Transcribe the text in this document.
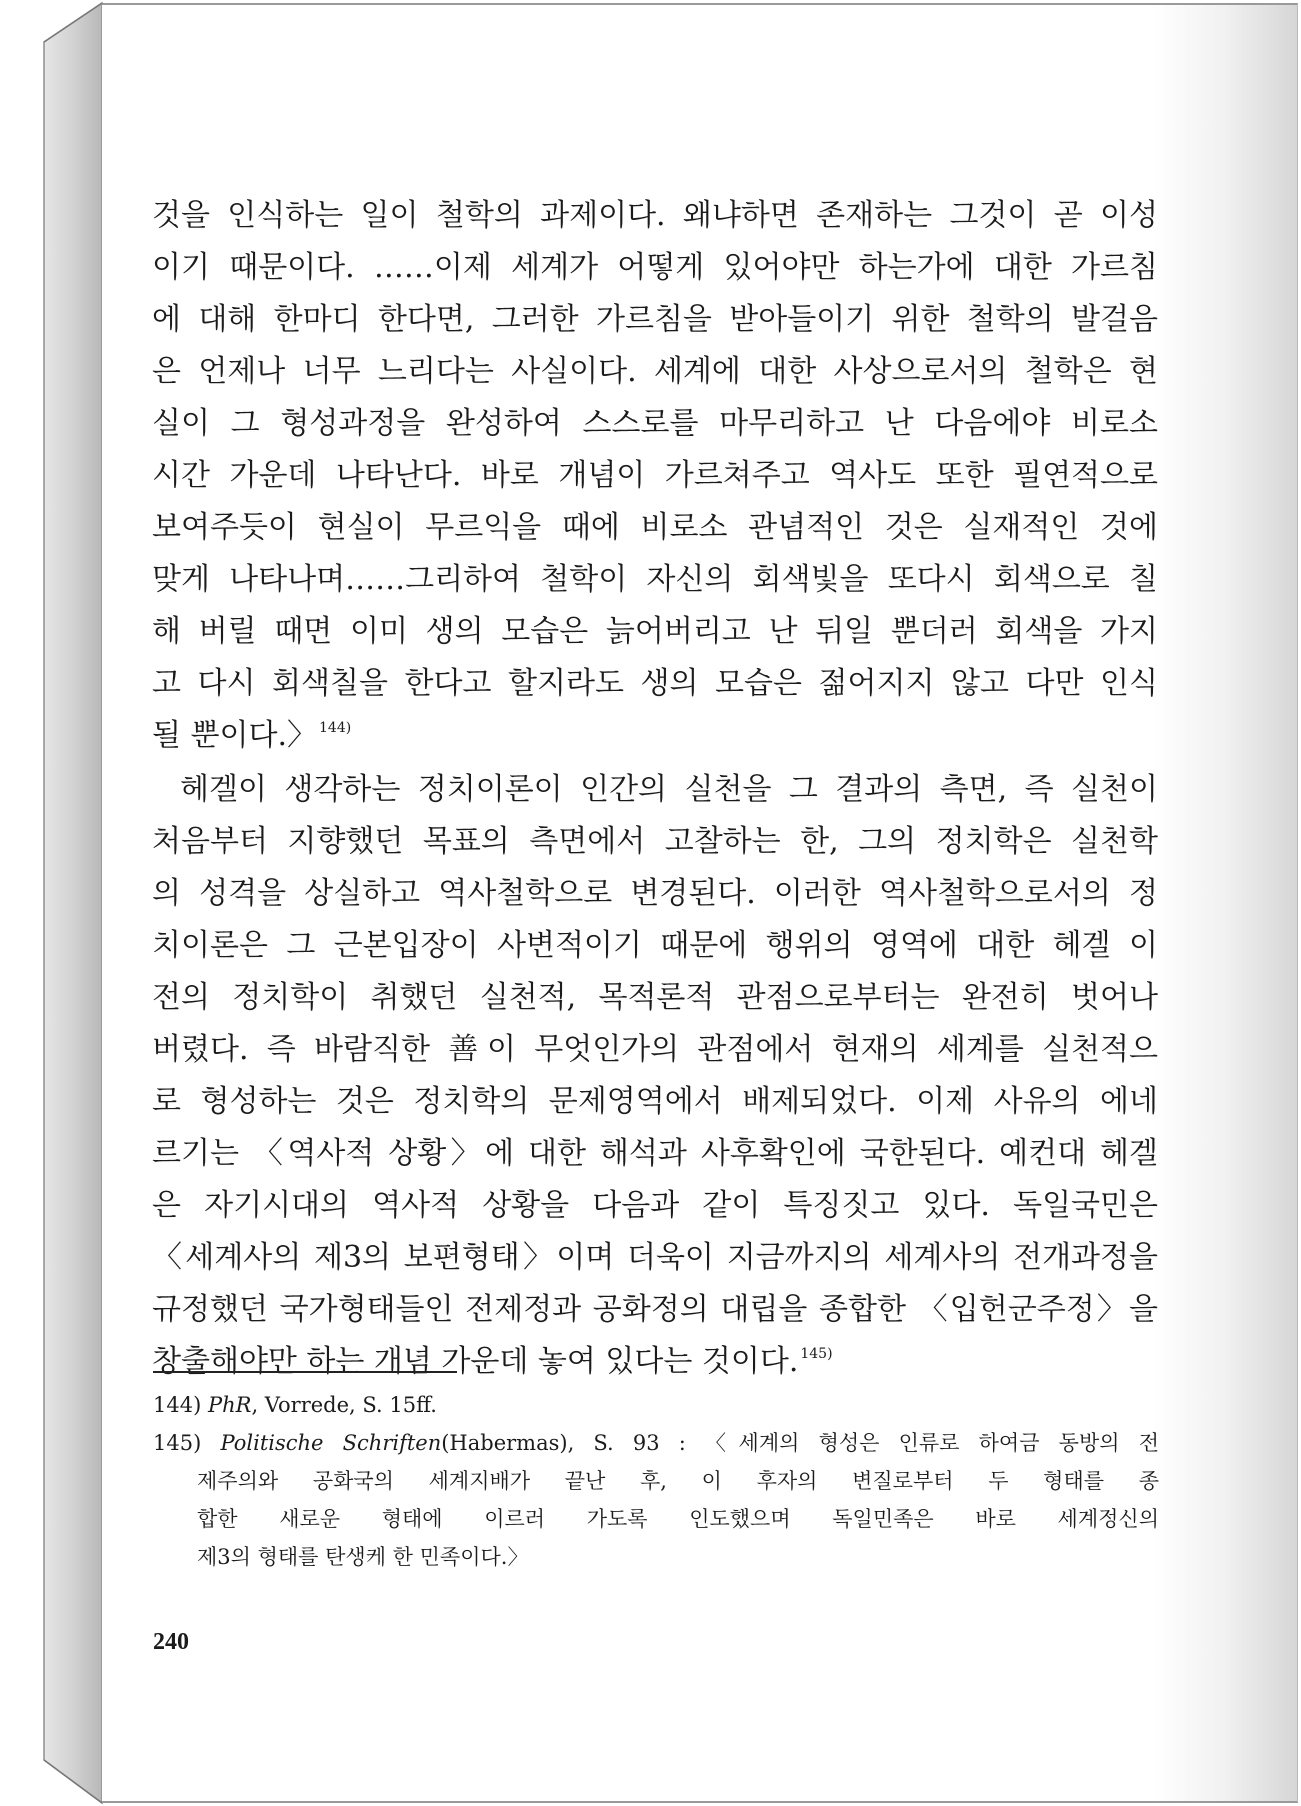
것을 인식하는 일이 철학의 과제이다. 왜냐하면 존재하는 그것이 곧 이성
이기 때문이다. ……이제 세계가 어떻게 있어야만 하는가에 대한 가르침
에 대해 한마디 한다면, 그러한 가르침을 받아들이기 위한 철학의 발걸음
은 언제나 너무 느리다는 사실이다. 세계에 대한 사상으로서의 철학은 현
실이 그 형성과정을 완성하여 스스로를 마무리하고 난 다음에야 비로소
시간 가운데 나타난다. 바로 개념이 가르쳐주고 역사도 또한 필연적으로
보여주듯이 현실이 무르익을 때에 비로소 관념적인 것은 실재적인 것에
맞게 나타나며……그리하여 철학이 자신의 회색빛을 또다시 회색으로 칠
해 버릴 때면 이미 생의 모습은 늙어버리고 난 뒤일 뿐더러 회색을 가지
고 다시 회색칠을 한다고 할지라도 생의 모습은 젊어지지 않고 다만 인식
될 뿐이다.〉 $^{144)}$
헤겔이 생각하는 정치이론이 인간의 실천을 그 결과의 측면, 즉 실천이
처음부터 지향했던 목표의 측면에서 고찰하는 한, 그의 정치학은 실천학
의 성격을 상실하고 역사철학으로 변경된다. 이러한 역사철학으로서의 정
치이론은 그 근본입장이 사변적이기 때문에 행위의 영역에 대한 헤겔 이
전의 정치학이 취했던 실천적, 목적론적 관점으로부터는 완전히 벗어나
버렸다. 즉 바람직한 善이 무엇인가의 관점에서 현재의 세계를 실천적으
로 형성하는 것은 정치학의 문제영역에서 배제되었다. 이제 사유의 에네
르기는 〈역사적 상황〉에 대한 해석과 사후확인에 국한된다. 예컨대 헤겔
은 자기시대의 역사적 상황을 다음과 같이 특징짓고 있다. 독일국민은
〈세계사의 제3의 보편형태〉이며 더욱이 지금까지의 세계사의 전개과정을
규정했던 국가형태들인 전제정과 공화정의 대립을 종합한 〈입헌군주정〉을
창출해야만 하는 개념 가운데 놓여 있다는 것이다. $^{145)}$
144) PhR, Vorrede, S. 15ff.
145) Politische Schriften(Habermas), S. 93 : 〈세계의 형성은 인류로 하여금 동방의 전
제주의와 공화국의 세계지배가 끝난 후, 이 후자의 변질로부터 두 형태를 종
합한 새로운 형태에 이르러 가도록 인도했으며 독일민족은 바로 세계정신의
제3의 형태를 탄생케 한 민족이다.〉
240
